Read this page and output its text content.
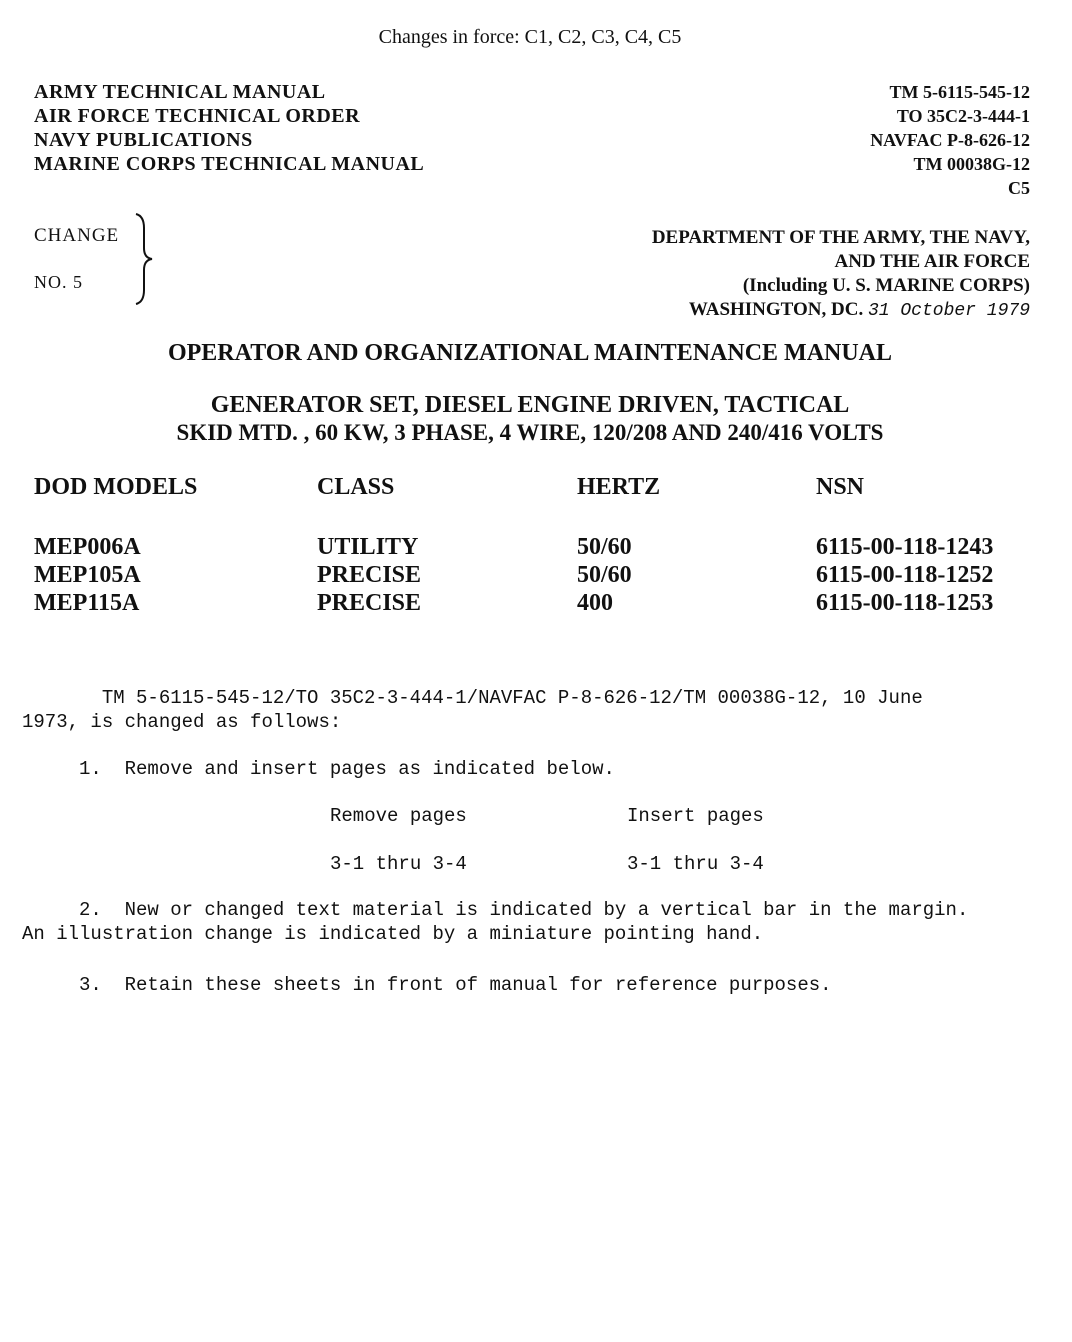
Changes in force: C1, C2, C3, C4, C5
ARMY TECHNICAL MANUAL
AIR FORCE TECHNICAL ORDER
NAVY PUBLICATIONS
MARINE CORPS TECHNICAL MANUAL
TM 5-6115-545-12
TO 35C2-3-444-1
NAVFAC P-8-626-12
TM 00038G-12
C5
CHANGE
NO. 5
DEPARTMENT OF THE ARMY, THE NAVY,
AND THE AIR FORCE
(Including U. S. MARINE CORPS)
WASHINGTON, DC. 31 October 1979
OPERATOR AND ORGANIZATIONAL MAINTENANCE MANUAL
GENERATOR SET, DIESEL ENGINE DRIVEN, TACTICAL
SKID MTD. , 60 KW, 3 PHASE, 4 WIRE, 120/208 AND 240/416 VOLTS
DOD MODELS	CLASS	HERTZ	NSN
MEP006A	UTILITY	50/60	6115-00-118-1243
MEP105A	PRECISE	50/60	6115-00-118-1252
MEP115A	PRECISE	400	6115-00-118-1253
TM 5-6115-545-12/TO 35C2-3-444-1/NAVFAC P-8-626-12/TM 00038G-12, 10 June
1973, is changed as follows:
1.  Remove and insert pages as indicated below.
Remove pages	Insert pages
3-1 thru 3-4	3-1 thru 3-4
2.  New or changed text material is indicated by a vertical bar in the margin.
An illustration change is indicated by a miniature pointing hand.
3.  Retain these sheets in front of manual for reference purposes.
